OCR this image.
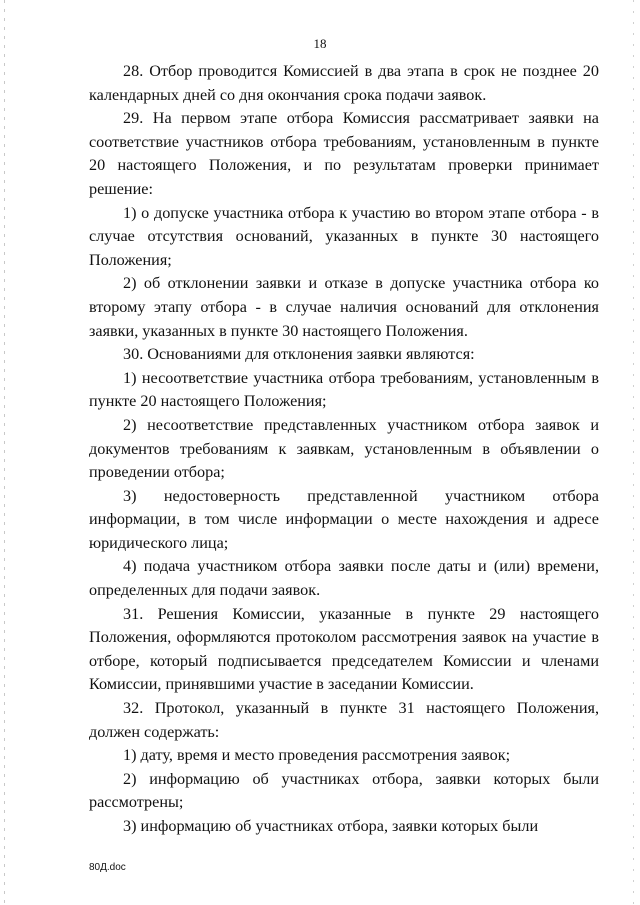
18

28. Отбор проводится Комиссией в два этапа в срок не позднее 20 календарных дней со дня окончания срока подачи заявок.

29. На первом этапе отбора Комиссия рассматривает заявки на соответствие участников отбора требованиям, установленным в пункте 20 настоящего Положения, и по результатам проверки принимает решение:

1) о допуске участника отбора к участию во втором этапе отбора - в случае отсутствия оснований, указанных в пункте 30 настоящего Положения;

2) об отклонении заявки и отказе в допуске участника отбора ко второму этапу отбора - в случае наличия оснований для отклонения заявки, указанных в пункте 30 настоящего Положения.

30. Основаниями для отклонения заявки являются:

1) несоответствие участника отбора требованиям, установленным в пункте 20 настоящего Положения;

2) несоответствие представленных участником отбора заявок и документов требованиям к заявкам, установленным в объявлении о проведении отбора;

3) недостоверность представленной участником отбора информации, в том числе информации о месте нахождения и адресе юридического лица;

4) подача участником отбора заявки после даты и (или) времени, определенных для подачи заявок.

31. Решения Комиссии, указанные в пункте 29 настоящего Положения, оформляются протоколом рассмотрения заявок на участие в отборе, который подписывается председателем Комиссии и членами Комиссии, принявшими участие в заседании Комиссии.

32. Протокол, указанный в пункте 31 настоящего Положения, должен содержать:

1) дату, время и место проведения рассмотрения заявок;

2) информацию об участниках отбора, заявки которых были рассмотрены;

3) информацию об участниках отбора, заявки которых были

80Д.doc
